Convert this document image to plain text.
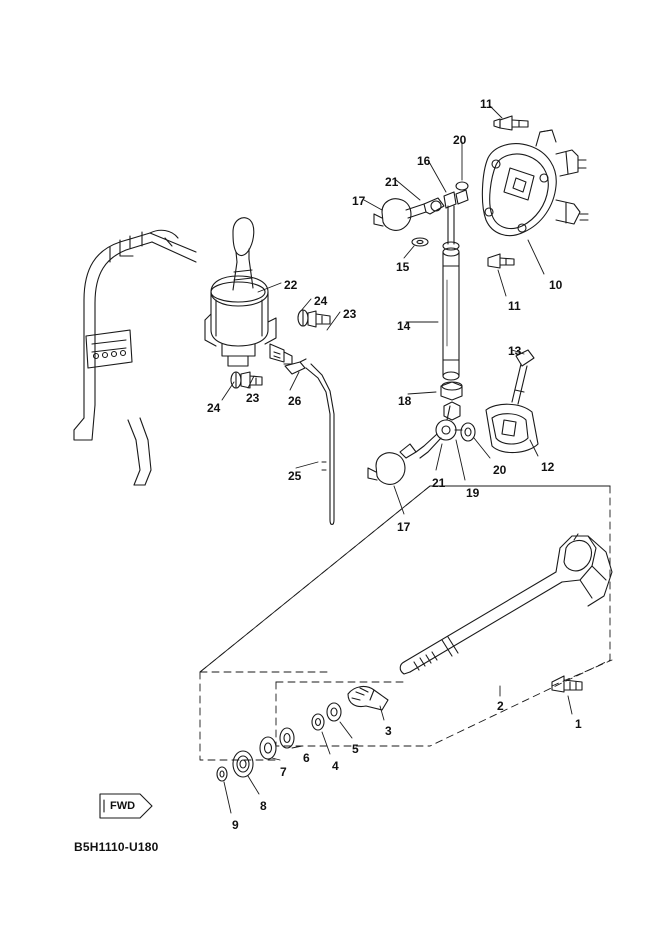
11
20
16
21
17
15
10
11
22
24
23
14
13
18
24
23 26
12
20
19
21
25
17
1
2
3
5
4
6
7
8
9
FWD
B5H1110-U180
